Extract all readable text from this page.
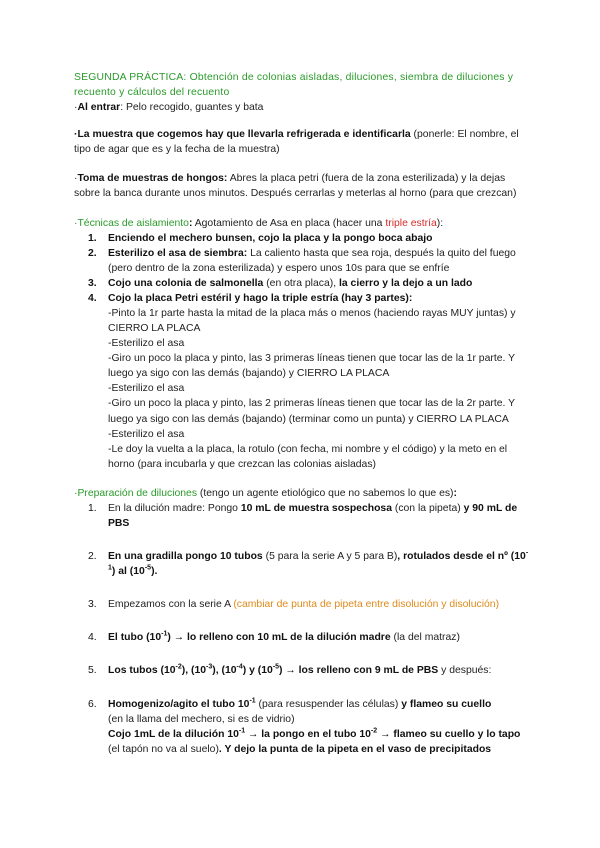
SEGUNDA PRÁCTICA: Obtención de colonias aisladas, diluciones, siembra de diluciones y recuento y cálculos del recuento

·Al entrar: Pelo recogido, guantes y bata

·La muestra que cogemos hay que llevarla refrigerada e identificarla (ponerle: El nombre, el tipo de agar que es y la fecha de la muestra)

·Toma de muestras de hongos: Abres la placa petri (fuera de la zona esterilizada) y la dejas sobre la banca durante unos minutos. Después cerrarlas y meterlas al horno (para que crezcan)

·Técnicas de aislamiento: Agotamiento de Asa en placa (hacer una triple estría):

1. Enciendo el mechero bunsen, cojo la placa y la pongo boca abajo
2. Esterilizo el asa de siembra: La caliento hasta que sea roja, después la quito del fuego (pero dentro de la zona esterilizada) y espero unos 10s para que se enfríe
3. Cojo una colonia de salmonella (en otra placa), la cierro y la dejo a un lado
4. Cojo la placa Petri estéril y hago la triple estría (hay 3 partes):
-Pinto la 1r parte hasta la mitad de la placa más o menos (haciendo rayas MUY juntas) y CIERRO LA PLACA
-Esterilizo el asa
-Giro un poco la placa y pinto, las 3 primeras líneas tienen que tocar las de la 1r parte. Y luego ya sigo con las demás (bajando) y CIERRO LA PLACA
-Esterilizo el asa
-Giro un poco la placa y pinto, las 2 primeras líneas tienen que tocar las de la 2r parte. Y luego ya sigo con las demás (bajando) (terminar como un punta) y CIERRO LA PLACA
-Esterilizo el asa
-Le doy la vuelta a la placa, la rotulo (con fecha, mi nombre y el código) y la meto en el horno (para incubarla y que crezcan las colonias aisladas)

·Preparación de diluciones (tengo un agente etiológico que no sabemos lo que es):

1. En la dilución madre: Pongo 10 mL de muestra sospechosa (con la pipeta) y 90 mL de PBS
2. En una gradilla pongo 10 tubos (5 para la serie A y 5 para B), rotulados desde el nº $(10^{-1})$ al $(10^{-5})$.
3. Empezamos con la serie A (cambiar de punta de pipeta entre disolución y disolución)
4. El tubo $(10^{-1})$ → lo relleno con 10 mL de la dilución madre (la del matraz)
5. Los tubos $(10^{-2})$, $(10^{-3})$, $(10^{-4})$ y $(10^{-5})$ → los relleno con 9 mL de PBS y después:
6. Homogenizo/agito el tubo $10^{-1}$ (para resuspender las células) y flameo su cuello
(en la llama del mechero, si es de vidrio)
Cojo 1mL de la dilución $10^{-1}$ → la pongo en el tubo $10^{-2}$ → flameo su cuello y lo tapo (el tapón no va al suelo). Y dejo la punta de la pipeta en el vaso de precipitados
